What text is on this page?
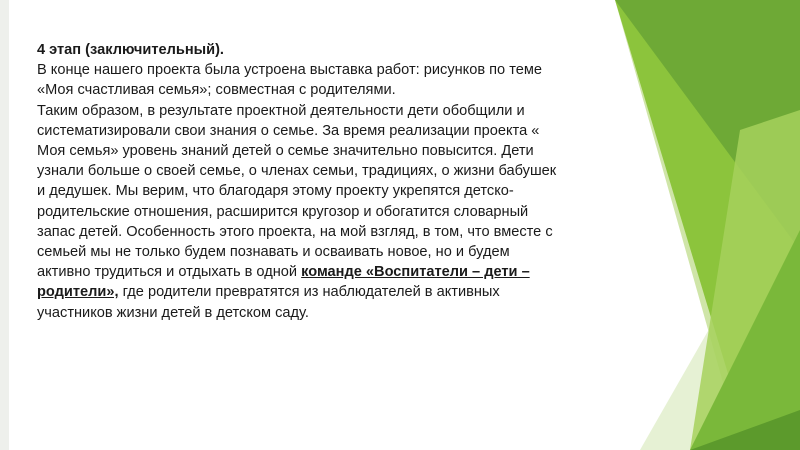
4 этап (заключительный).

В конце нашего проекта была устроена выставка работ: рисунков по теме «Моя счастливая семья»; совместная с родителями.

Таким образом, в результате проектной деятельности дети обобщили и систематизировали свои знания о семье. За время реализации проекта « Моя семья» уровень знаний детей о семье значительно повысится. Дети узнали больше о своей семье, о членах семьи, традициях, о жизни бабушек и дедушек. Мы верим, что благодаря этому проекту укрепятся детско-родительские отношения, расширится кругозор и обогатится словарный запас детей. Особенность этого проекта, на мой взгляд, в том, что вместе с семьей мы не только будем познавать и осваивать новое, но и будем активно трудиться и отдыхать в одной команде «Воспитатели – дети – родители», где родители превратятся из наблюдателей в активных участников жизни детей в детском саду.
